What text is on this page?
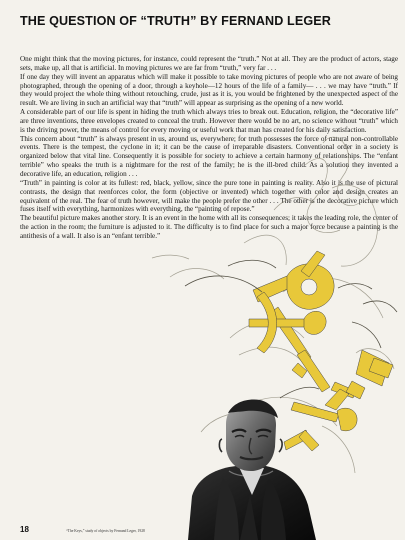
THE QUESTION OF “TRUTH” BY FERNAND LEGER

One might think that the moving pictures, for instance, could represent the “truth.” Not at all. They are the product of actors, stage sets, make up, all that is artificial. In moving pictures we are far from “truth,” very far . . .

If one day they will invent an apparatus which will make it possible to take moving pictures of people who are not aware of being photographed, through the opening of a door, through a keyhole—12 hours of the life of a family— . . . we may have “truth.” If they would project the whole thing without retouching, crude, just as it is, you would be frightened by the unexpected aspect of the result. We are living in such an artificial way that “truth” will appear as surprising as the opening of a new world.

A considerable part of our life is spent in hiding the truth which always tries to break out. Education, religion, the “decorative life” are three inventions, three envelopes created to conceal the truth. However there would be no art, no science without “truth” which is the driving power, the means of control for every moving or useful work that man has created for his daily satisfaction.

This concern about “truth” is always present in us, around us, everywhere; for truth possesses the force of natural non-controllable events. There is the tempest, the cyclone in it; it can be the cause of irreparable disasters. Conventional order in a society is organized below that vital line. Consequently it is possible for society to achieve a certain harmony of relationships. The “enfant terrible” who speaks the truth is a nightmare for the rest of the family; he is the ill-bred child. As a solution they invented a decorative life, an education, religion . . .

“Truth” in painting is color at its fullest: red, black, yellow, since the pure tone in painting is reality. Also it is the use of pictural contrasts, the design that reenforces color, the form (objective or invented) which together with color and design creates an equivalent of the real. The fear of truth however, will make the people prefer the other . . . The other is the decorative picture which fuses itself with everything, harmonizes with everything, the “painting of repose.”

The beautiful picture makes another story. It is an event in the home with all its consequences; it takes the leading role, the center of the action in the room; the furniture is adjusted to it. The difficulty is to find place for such a major force because a painting is the antithesis of a wall. It also is an “enfant terrible.”

18	“The Keys,” study of objects by Fernand Leger, 1928
